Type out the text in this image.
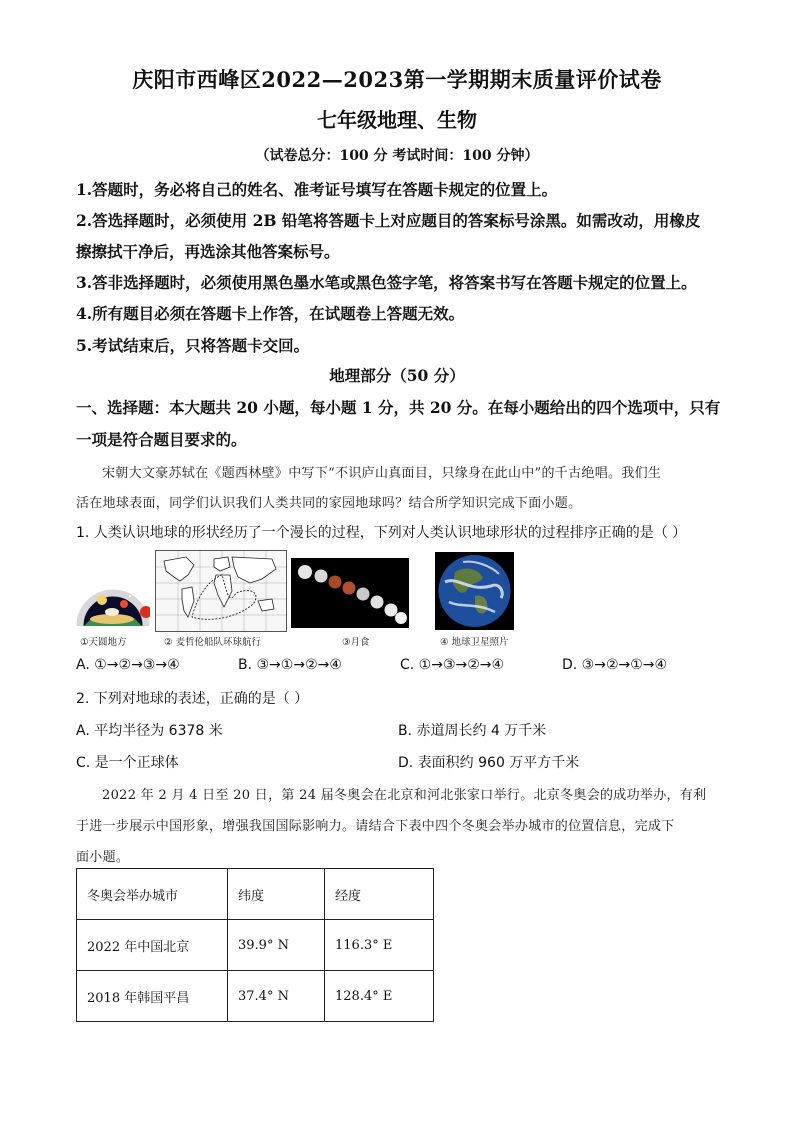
庆阳市西峰区2022—2023第一学期期末质量评价试卷
七年级地理、生物
（试卷总分：100 分 考试时间：100 分钟）
1.答题时，务必将自己的姓名、准考证号填写在答题卡规定的位置上。
2.答选择题时，必须使用 2B 铅笔将答题卡上对应题目的答案标号涂黑。如需改动，用橡皮
擦擦拭干净后，再选涂其他答案标号。
3.答非选择题时，必须使用黑色墨水笔或黑色签字笔，将答案书写在答题卡规定的位置上。
4.所有题目必须在答题卡上作答，在试题卷上答题无效。
5.考试结束后，只将答题卡交回。
地理部分（50 分）
一、选择题：本大题共 20 小题，每小题 1 分，共 20 分。在每小题给出的四个选项中，只有
一项是符合题目要求的。
宋朝大文豪苏轼在《题西林壁》中写下“不识庐山真面目，只缘身在此山中”的千古绝唱。我们生
活在地球表面，同学们认识我们人类共同的家园地球吗？结合所学知识完成下面小题。
1. 人类认识地球的形状经历了一个漫长的过程，下列对人类认识地球形状的过程排序正确的是（ ）
①天圆地方	② 麦哲伦船队环球航行	③月食	④ 地球卫星照片
A. ①→②→③→④	B. ③→①→②→④	C. ①→③→②→④	D. ③→②→①→④
2. 下列对地球的表述，正确的是（ ）
A. 平均半径为 6378 米	B. 赤道周长约 4 万千米
C. 是一个正球体	D. 表面积约 960 万平方千米
2022 年 2 月 4 日至 20 日，第 24 届冬奥会在北京和河北张家口举行。北京冬奥会的成功举办，有利
于进一步展示中国形象，增强我国国际影响力。请结合下表中四个冬奥会举办城市的位置信息，完成下
面小题。
冬奥会举办城市	纬度	经度
2022 年中国北京	39.9° N	116.3° E
2018 年韩国平昌	37.4° N	128.4° E
